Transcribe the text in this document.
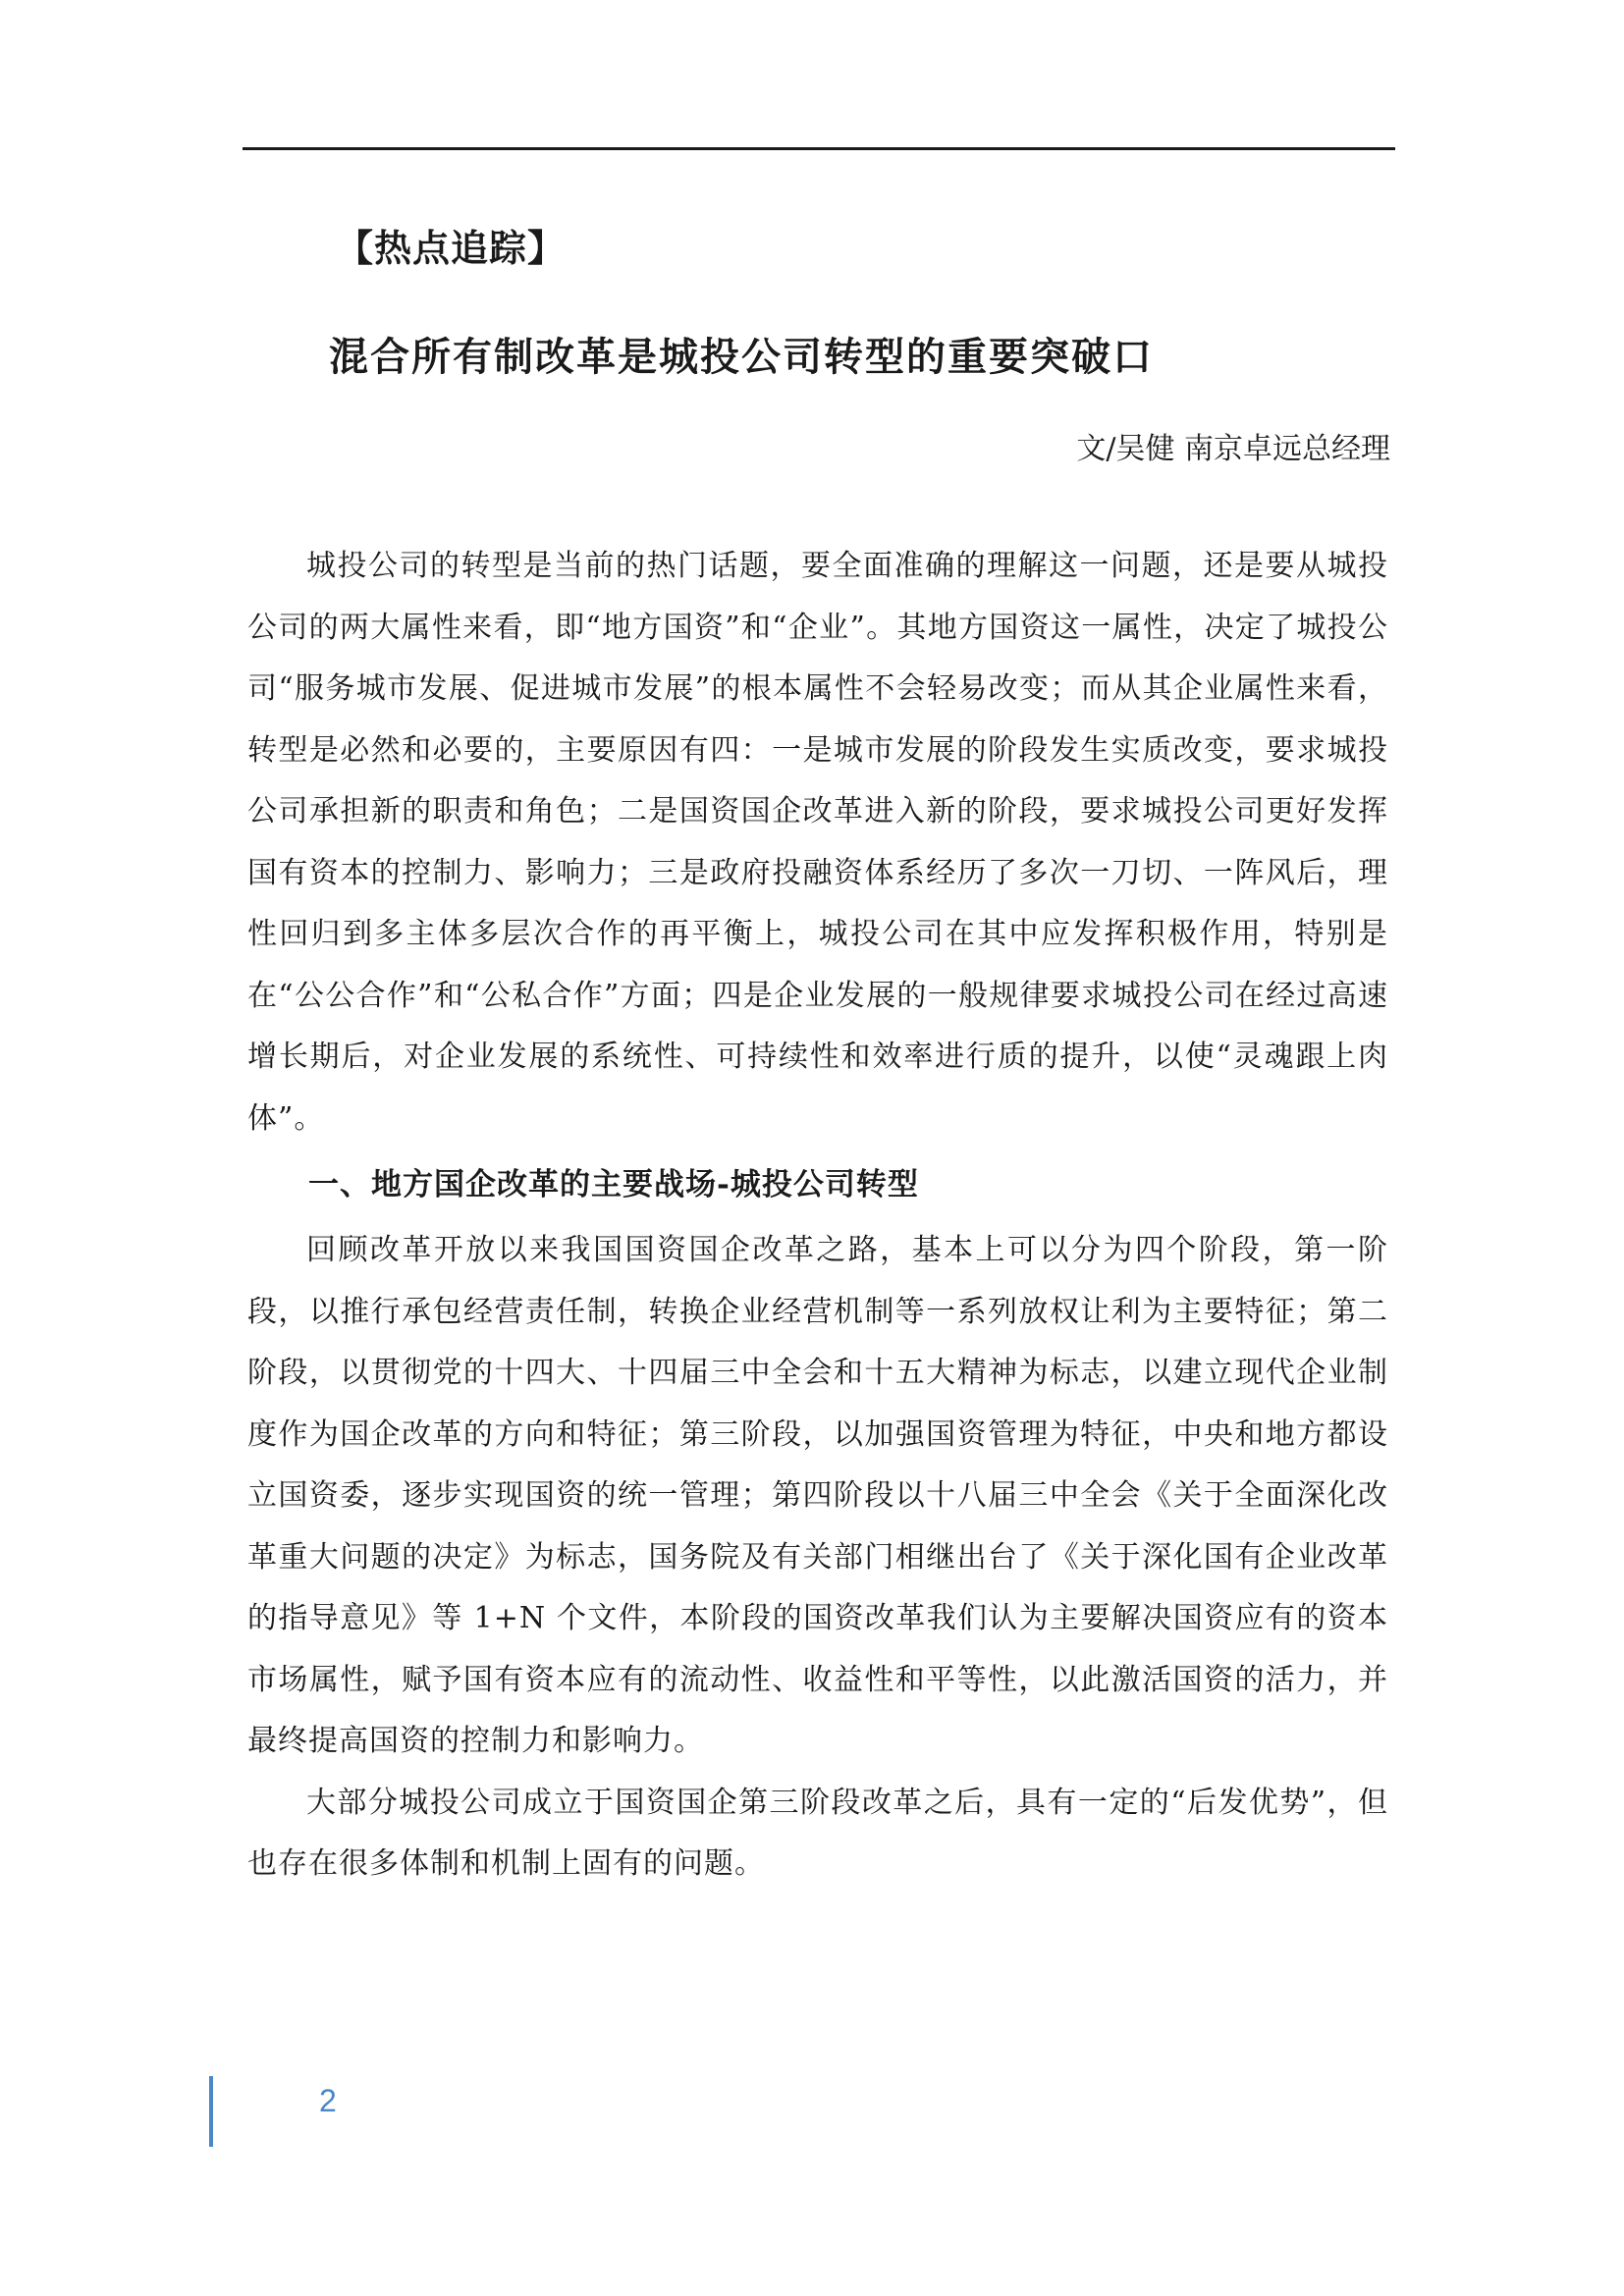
【热点追踪】
混合所有制改革是城投公司转型的重要突破口
文/吴健 南京卓远总经理

城投公司的转型是当前的热门话题，要全面准确的理解这一问题，还是要从城投公司的两大属性来看，即“地方国资”和“企业”。其地方国资这一属性，决定了城投公司“服务城市发展、促进城市发展”的根本属性不会轻易改变；而从其企业属性来看，转型是必然和必要的，主要原因有四：一是城市发展的阶段发生实质改变，要求城投公司承担新的职责和角色；二是国资国企改革进入新的阶段，要求城投公司更好发挥国有资本的控制力、影响力；三是政府投融资体系经历了多次一刀切、一阵风后，理性回归到多主体多层次合作的再平衡上，城投公司在其中应发挥积极作用，特别是在“公公合作”和“公私合作”方面；四是企业发展的一般规律要求城投公司在经过高速增长期后，对企业发展的系统性、可持续性和效率进行质的提升，以使“灵魂跟上肉体”。

一、地方国企改革的主要战场-城投公司转型

回顾改革开放以来我国国资国企改革之路，基本上可以分为四个阶段，第一阶段，以推行承包经营责任制，转换企业经营机制等一系列放权让利为主要特征；第二阶段，以贯彻党的十四大、十四届三中全会和十五大精神为标志，以建立现代企业制度作为国企改革的方向和特征；第三阶段，以加强国资管理为特征，中央和地方都设立国资委，逐步实现国资的统一管理；第四阶段以十八届三中全会《关于全面深化改革重大问题的决定》为标志，国务院及有关部门相继出台了《关于深化国有企业改革的指导意见》等 1+N 个文件，本阶段的国资改革我们认为主要解决国资应有的资本市场属性，赋予国有资本应有的流动性、收益性和平等性，以此激活国资的活力，并最终提高国资的控制力和影响力。

大部分城投公司成立于国资国企第三阶段改革之后，具有一定的“后发优势”，但也存在很多体制和机制上固有的问题。

2
